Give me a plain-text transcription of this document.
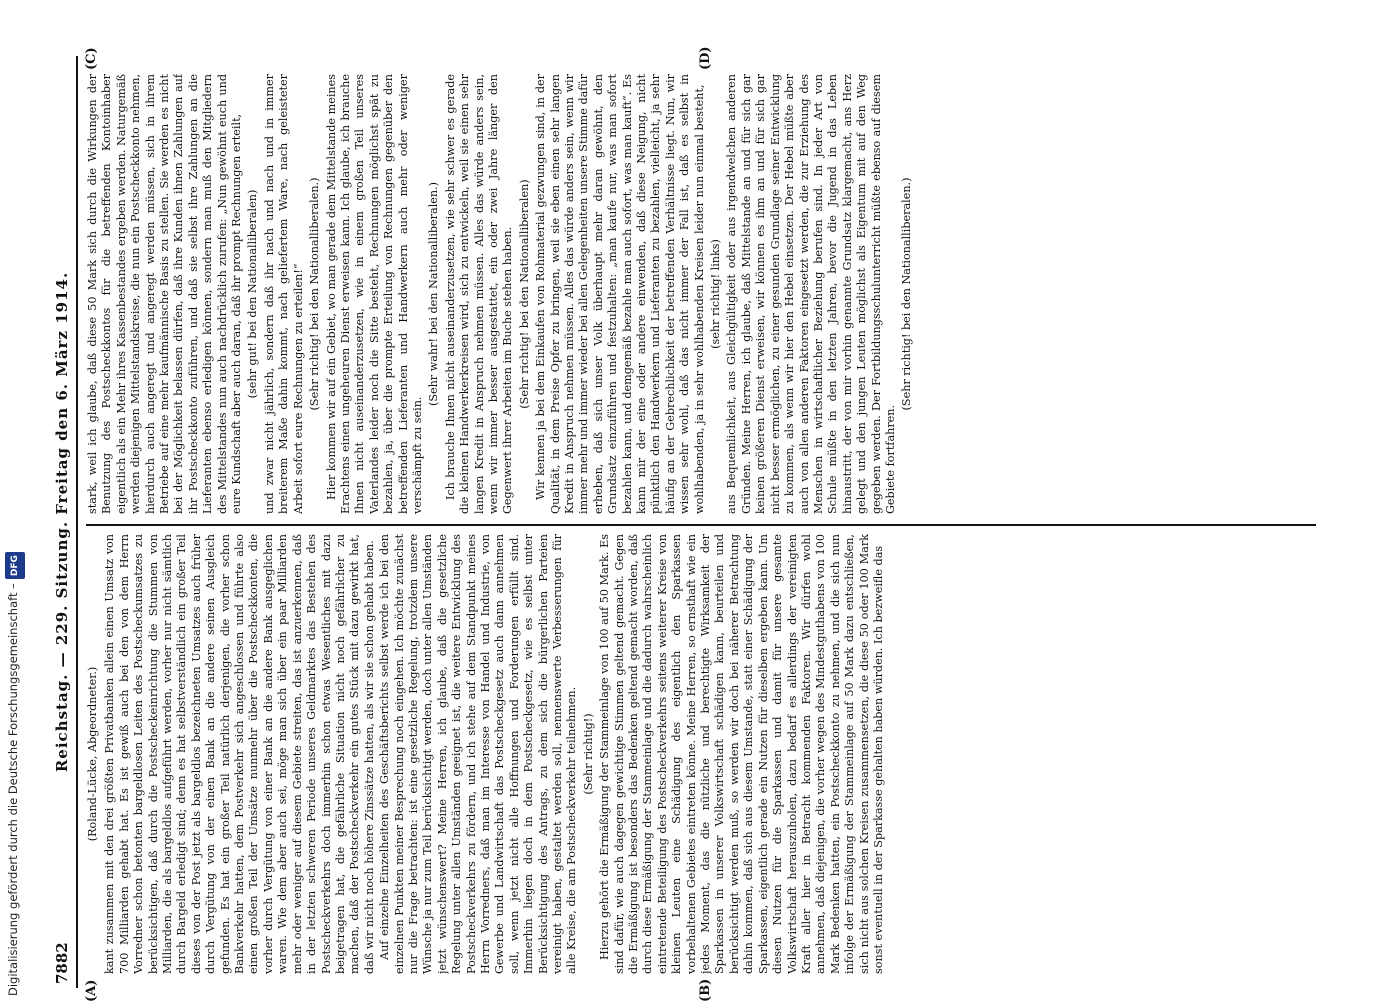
Digitalisierung gefördert durch die Deutsche Forschungsgemeinschaft –DFG
7882
Reichstag. — 229. Sitzung. Freitag den 6. März 1914.
(A)	(B)
(C)	(D)

(Roland-Lücke, Abgeordneter.) kant zusammen mit den drei größten Privatbanken allein einen Umsatz von 700 Milliarden gehabt hat. Es ist gewiß auch bei den von dem Herrn Vorredner schon betonten bargeldlosen Leiten des Postscheckumsatzes zu berücksichtigen, daß durch die Postscheckeinrichtung die Stummen von Milliarden, die als bargeldlos aufgeführt werden, vorher nur nicht sämtlich durch Bargeld erledigt sind; denn es hat selbstverständlich ein großer Teil dieses von der Post jetzt als bargeldlos bezeichneten Umsatzes auch früher durch Vergütung von der einen Bank an die andere seinen Ausgleich gefunden. Es hat ein großer Teil natürlich derjenigen, die vorher schon Bankverkehr hatten, dem Postverkehr sich angeschlossen und führte also einen großen Teil der Umsätze nunmehr über die Postscheckkonten, die vorher durch Vergütung von einer Bank an die andere Bank ausgeglichen waren. Wie dem aber auch sei, möge man sich über ein paar Milliarden mehr oder weniger auf diesem Gebiete streiten, das ist anzuerkennen, daß in der letzten schweren Periode unseres Geldmarktes das Bestehen des Postscheckverkehrs doch immerhin schon etwas Wesentliches mit dazu beigetragen hat, die gefährliche Situation nicht noch gefährlicher zu machen, daß der Postscheckverkehr ein gutes Stück mit dazu gewirkt hat, daß wir nicht noch höhere Zinssätze hatten, als wir sie schon gehabt haben. Auf einzelne Einzelheiten des Geschäftsberichts selbst werde ich bei den einzelnen Punkten meiner Besprechung noch eingehen. Ich möchte zunächst nur die Frage betrachten: ist eine gesetzliche Regelung, trotzdem unsere Wünsche ja nur zum Teil berücksichtigt werden, doch unter allen Umständen jetzt wünschenswert? Meine Herren, ich glaube, daß die gesetzliche Regelung unter allen Umständen geeignet ist, die weitere Entwicklung des Postscheckverkehrs zu fördern, und ich stehe auf dem Standpunkt meines Herrn Vorredners, daß man im Interesse von Handel und Industrie, von Gewerbe und Landwirtschaft das Postscheckgesetz auch dann annehmen soll, wenn jetzt nicht alle Hoffnungen und Forderungen erfüllt sind. Immerhin liegen doch in dem Postscheckgesetz, wie es selbst unter Berücksichtigung des Antrags, zu dem sich die bürgerlichen Parteien vereinigt haben, gestaltet werden soll, nennenswerte Verbesserungen für alle Kreise, die am Postscheckverkehr teilnehmen. (Sehr richtig!) Hierzu gehört die Ermäßigung der Stammeinlage von 100 auf 50 Mark. Es sind dafür, wie auch dagegen gewichtige Stimmen geltend gemacht. Gegen die Ermäßigung ist besonders das Bedenken geltend gemacht worden, daß durch diese Ermäßigung der Stammeinlage und die dadurch wahrscheinlich eintretende Beteiligung des Postscheckverkehrs seitens weiterer Kreise von kleinen Leuten eine Schädigung des eigentlich den Sparkassen vorbehaltenen Gebietes eintreten könne. Meine Herren, so ernsthaft wie ein jedes Moment, das die nützliche und berechtigte Wirksamkeit der Sparkassen in unserer Volkswirtschaft schädigen kann, beurteilen und berücksichtigt werden muß, so werden wir doch bei näherer Betrachtung dahin kommen, daß sich aus diesem Umstande, statt einer Schädigung der Sparkassen, eigentlich gerade ein Nutzen für dieselben ergeben kann. Um diesen Nutzen für die Sparkassen und damit für unsere gesamte Volkswirtschaft herauszuholen, dazu bedarf es allerdings der vereinigten Kraft aller hier in Betracht kommenden Faktoren. Wir dürfen wohl annehmen, daß diejenigen, die vorher wegen des Mindestguthabens von 100 Mark Bedenken hatten, ein Postscheckkonto zu nehmen, und die sich nun infolge der Ermäßigung der Stammeinlage auf 50 Mark dazu entschließen, sich nicht aus solchen Kreisen zusammensetzen, die diese 50 oder 100 Mark sonst eventuell in der Sparkasse gehalten haben würden. Ich bezweifle das

stark, weil ich glaube, daß diese 50 Mark sich durch die Wirkungen der Benutzung des Postscheckkontos für die betreffenden Kontoinhaber eigentlich als ein Mehr ihres Kassenbestandes ergeben werden. Naturgemäß werden diejenigen Mittelstandskreise, die nun ein Postscheckkonto nehmen, hierdurch auch angeregt und angeregt werden müssen, sich in ihrem Betriebe auf eine mehr kaufmännische Basis zu stellen. Sie werden es nicht bei der Möglichkeit belassen dürfen, daß ihre Kunden ihnen Zahlungen auf ihr Postscheckkonto zuführen, und daß sie selbst ihre Zahlungen an die Lieferanten ebenso erledigen können, sondern man muß den Mitgliedern des Mittelstandes nun auch nachdrücklich zurufen: „Nun gewöhnt euch und eure Kundschaft aber auch daran, daß ihr prompt Rechnungen erteilt, (sehr gut! bei den Nationalliberalen) und zwar nicht jährlich, sondern daß ihr nach und nach und in immer breiterem Maße dahin kommt, nach geliefertem Ware, nach geleisteter Arbeit sofort eure Rechnungen zu erteilen!“ (Sehr richtig! bei den Nationalliberalen.) Hier kommen wir auf ein Gebiet, wo man gerade dem Mittelstande meines Erachtens einen ungeheuren Dienst erweisen kann. Ich glaube, ich brauche Ihnen nicht auseinanderzusetzen, wie in einem großen Teil unseres Vaterlandes leider noch die Sitte besteht, Rechnungen möglichst spät zu bezahlen, ja, über die prompte Erteilung von Rechnungen gegenüber den betreffenden Lieferanten und Handwerkern auch mehr oder weniger verschämpft zu sein.

(Sehr wahr! bei den Nationalliberalen.) Ich brauche Ihnen nicht auseinanderzusetzen, wie sehr schwer es gerade die kleinen Handwerkerkreisen wird, sich zu entwickeln, weil sie einen sehr langen Kredit in Anspruch nehmen müssen. Alles das würde anders sein, wenn wir immer besser ausgestattet, ein oder zwei Jahre länger den Gegenwert ihrer Arbeiten im Buche stehen haben. (Sehr richtig! bei den Nationalliberalen) Wir kennen ja bei dem Einkaufen von Rohmaterial gezwungen sind, in der Qualität, in dem Preise Opfer zu bringen, weil sie eben einen sehr langen Kredit in Anspruch nehmen müssen. Alles das würde anders sein, wenn wir immer mehr und immer wieder bei allen Gelegenheiten unsere Stimme dafür erheben, daß sich unser Volk überhaupt mehr daran gewöhnt, den Grundsatz einzuführen und festzuhalten: „man kaufe nur, was man sofort bezahlen kann, und demgemäß bezahle man auch sofort, was man kauft“. Es kann mir der eine oder andere einwenden, daß diese Neigung, nicht pünktlich den Handwerkern und Lieferanten zu bezahlen, vielleicht, ja sehr häufig an der Gebrechlichkeit der betreffenden Verhältnisse liegt. Nun, wir wissen sehr wohl, daß das nicht immer der Fall ist, daß es selbst in wohlhabenden, ja in sehr wohlhabenden Kreisen leider nun einmal besteht, (sehr richtig! links) aus Bequemlichkeit, aus Gleichgültigkeit oder aus irgendwelchen anderen Gründen. Meine Herren, ich glaube, daß Mittelstande an und für sich gar keinen größeren Dienst erweisen, wir können es ihm an und für sich gar nicht besser ermöglichen, zu einer gesunden Grundlage seiner Entwicklung zu kommen, als wenn wir hier den Hebel einsetzen. Der Hebel müßte aber auch von allen anderen Faktoren eingesetzt werden, die zur Erziehung des Menschen in wirtschaftlicher Beziehung berufen sind. In jeder Art von Schule müßte in den letzten Jahren, bevor die Jugend in das Leben hinaustritt, der von mir vorhin genannte Grundsatz klargemacht, ans Herz gelegt und den jungen Leuten möglichst als Eigentum mit auf den Weg gegeben werden. Der Fortbildungsschulunterricht müßte ebenso auf diesem Gebiete fortfahren.

(Sehr richtig! bei den Nationalliberalen.)
